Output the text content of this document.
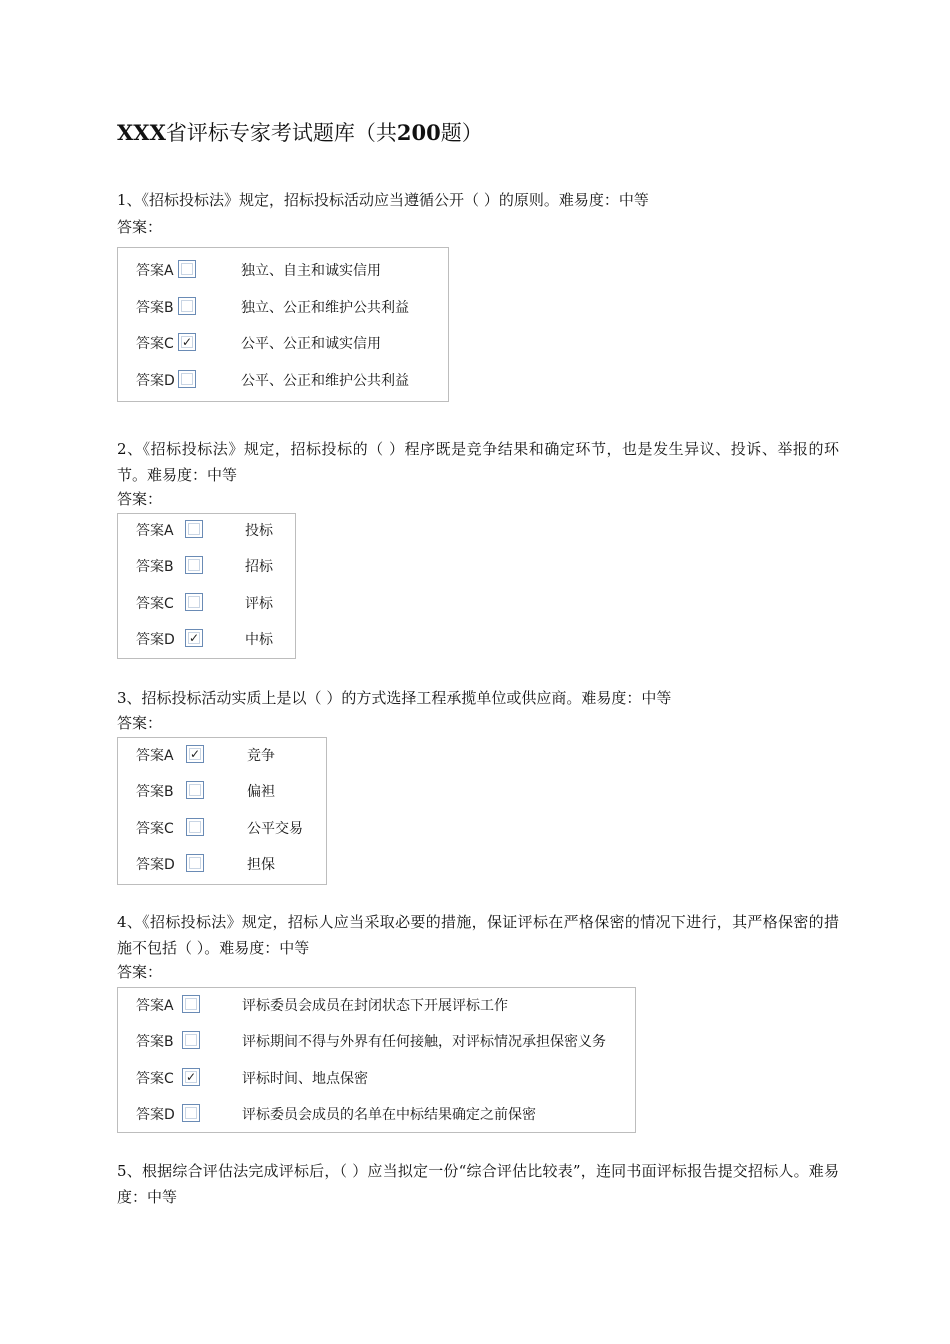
XXX省评标专家考试题库（共200题）
1、《招标投标法》规定，招标投标活动应当遵循公开（ ）的原则。难易度：中等
答案：
答案A	独立、自主和诚实信用
答案B	独立、公正和维护公共利益
答案C ✓	公平、公正和诚实信用
答案D	公平、公正和维护公共利益
2、《招标投标法》规定，招标投标的（ ）程序既是竞争结果和确定环节，也是发生异议、投诉、举报的环节。难易度：中等
答案：
答案A	投标
答案B	招标
答案C	评标
答案D ✓	中标
3、招标投标活动实质上是以（ ）的方式选择工程承揽单位或供应商。难易度：中等
答案：
答案A ✓	竞争
答案B	偏袒
答案C	公平交易
答案D	担保
4、《招标投标法》规定，招标人应当采取必要的措施，保证评标在严格保密的情况下进行，其严格保密的措施不包括（ ）。难易度：中等
答案：
答案A	评标委员会成员在封闭状态下开展评标工作
答案B	评标期间不得与外界有任何接触，对评标情况承担保密义务
答案C ✓	评标时间、地点保密
答案D	评标委员会成员的名单在中标结果确定之前保密
5、根据综合评估法完成评标后，（ ）应当拟定一份“综合评估比较表”，连同书面评标报告提交招标人。难易度：中等
